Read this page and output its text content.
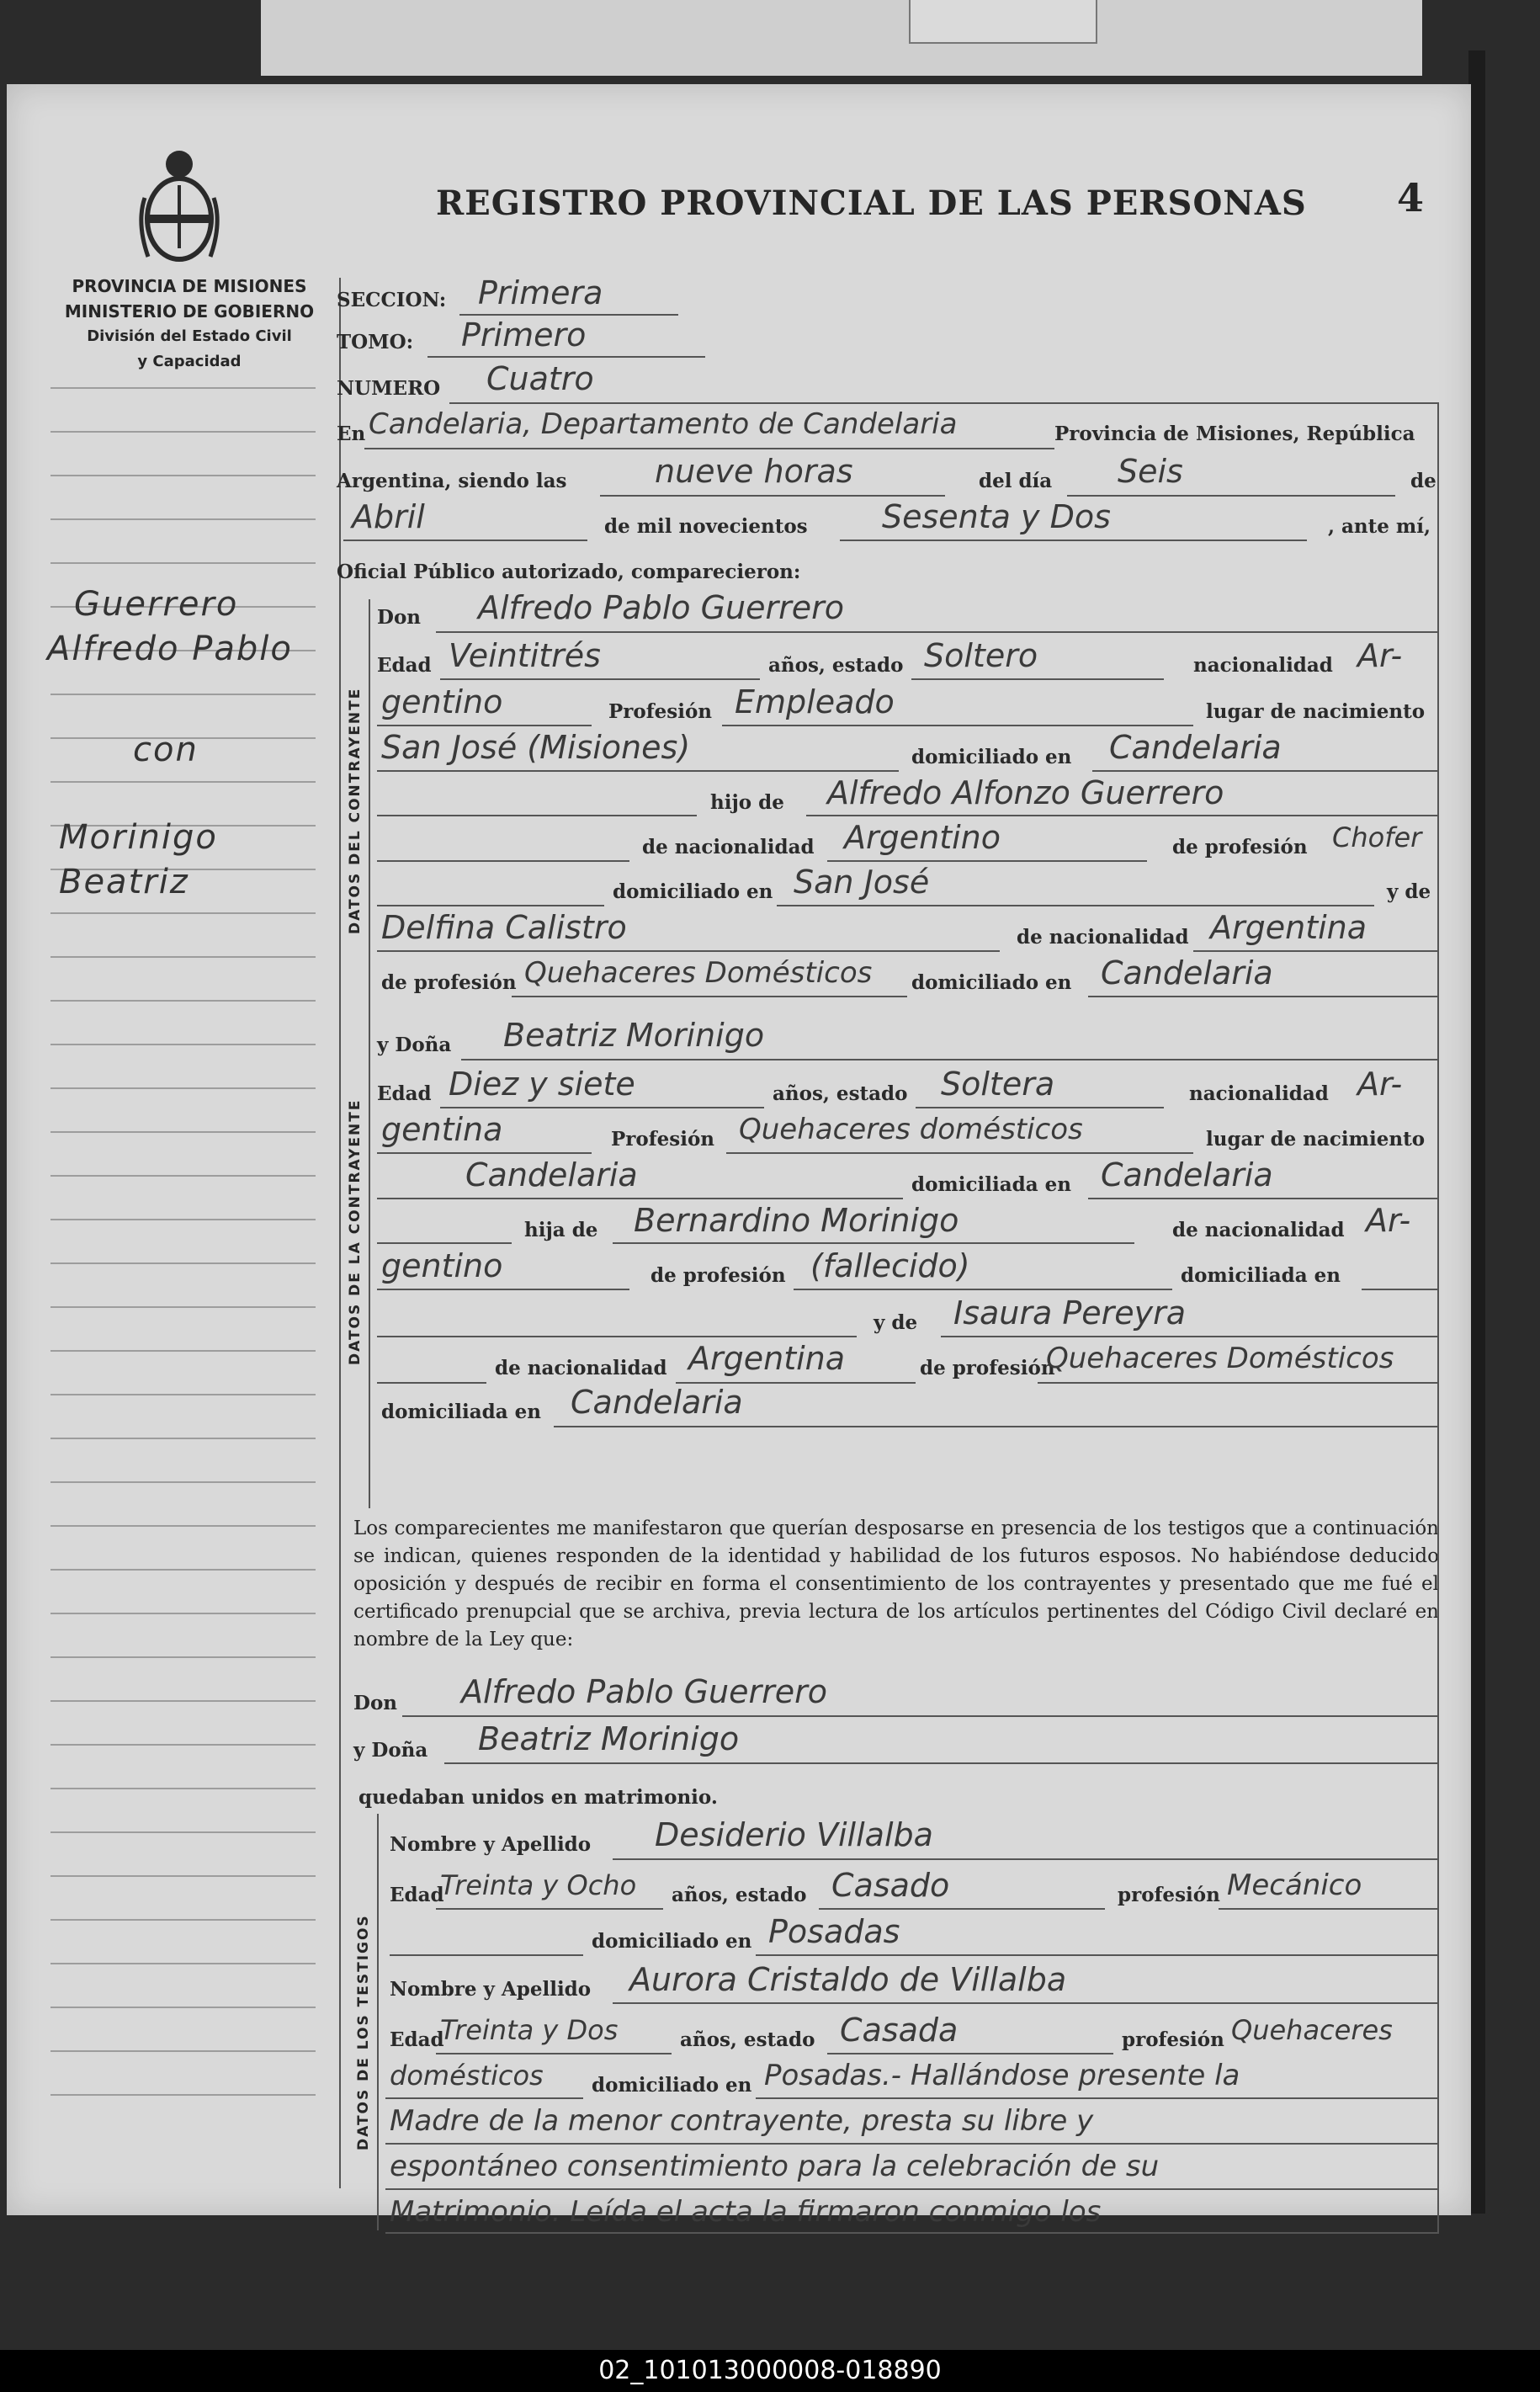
PROVINCIA DE MISIONES
MINISTERIO DE GOBIERNO
División del Estado Civil
y Capacidad
REGISTRO PROVINCIAL DE LAS PERSONAS 4
Guerrero
Alfredo Pablo
con
Morinigo
Beatriz
SECCION: Primera
TOMO: Primero
NUMERO Cuatro
En Candelaria, Departamento de Candelaria	Provincia de Misiones, República
Argentina, siendo las	nueve horas	del día Seis	de
Abril	de mil novecientos Sesenta y Dos	, ante mí,
Oficial Público autorizado, comparecieron:
DATOS DEL CONTRAYENTE
Don Alfredo Pablo Guerrero
Edad Veintitrés	años, estado Soltero	nacionalidad Ar-
gentino	Profesión Empleado	lugar de nacimiento
San José (Misiones)	domiciliado en Candelaria
hijo de Alfredo Alfonzo Guerrero
de nacionalidad Argentino	de profesión Chofer
domiciliado en San José	y de
Delfina Calistro	de nacionalidad Argentina
de profesión Quehaceres Domésticos domiciliado en Candelaria
DATOS DE LA CONTRAYENTE
y Doña Beatriz Morinigo
Edad Diez y siete	años, estado Soltera	nacionalidad Ar-
gentina	Profesión Quehaceres domésticos	lugar de nacimiento
Candelaria	domiciliada en Candelaria
hija de Bernardino Morinigo	de nacionalidad Ar-
gentino	de profesión (fallecido)	domiciliada en
y de Isaura Pereyra
de nacionalidad Argentina	de profesión
Quehaceres Domésticos
domiciliada en Candelaria
Los comparecientes me manifestaron que querían desposarse en presencia de los testigos que a continuación se indican, quienes responden de la identidad y habilidad de los futuros esposos. No habiéndose deducido oposición y después de recibir en forma el consentimiento de los contrayentes y presentado que me fué el certificado prenupcial que se archiva, previa lectura de los artículos pertinentes del Código Civil declaré en nombre de la Ley que:
Don Alfredo Pablo Guerrero
y Doña Beatriz Morinigo
quedaban unidos en matrimonio.
DATOS DE LOS TESTIGOS
Nombre y Apellido Desiderio Villalba
Edad
Treinta y Ocho años, estado Casado	profesión Mecánico
domiciliado en Posadas
Nombre y Apellido Aurora Cristaldo de Villalba
Edad
Treinta y Dos	años, estado Casada	profesión Quehaceres
domésticos domiciliado en Posadas.- Hallándose presente la
Madre de la menor contrayente, presta su libre y
espontáneo consentimiento para la celebración de su
Matrimonio. Leída el acta la firmaron conmigo los
02_101013000008-018890
